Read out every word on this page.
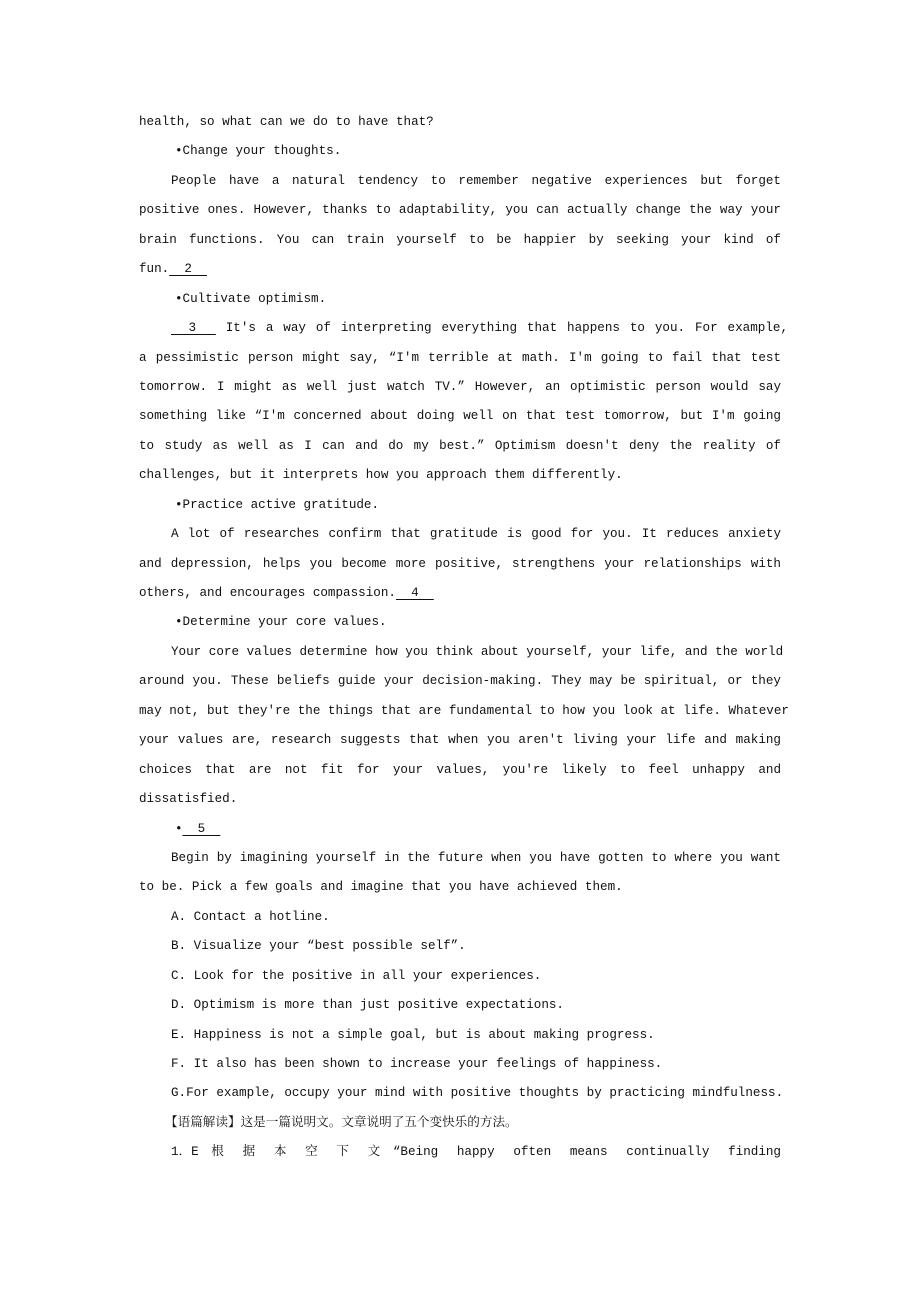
health, so what can we do to have that?
•Change your thoughts.
People have a natural tendency to remember negative experiences but forget
positive ones. However, thanks to adaptability, you can actually change the way your
brain functions. You can train yourself to be happier by seeking your kind of
fun.  2
•Cultivate optimism.
3   It's a way of interpreting everything that happens to you. For example,
a pessimistic person might say, “I'm terrible at math. I'm going to fail that test
tomorrow. I might as well just watch TV.” However, an optimistic person would say
something like “I'm concerned about doing well on that test tomorrow, but I'm going
to study as well as I can and do my best.” Optimism doesn't deny the reality of
challenges, but it interprets how you approach them differently.
•Practice active gratitude.
A lot of researches confirm that gratitude is good for you. It reduces anxiety
and depression, helps you become more positive, strengthens your relationships with
others, and encourages compassion.  4
•Determine your core values.
Your core values determine how you think about yourself, your life, and the world
around you. These beliefs guide your decision-making. They may be spiritual, or they
may not, but they're the things that are fundamental to how you look at life. Whatever
your values are, research suggests that when you aren't living your life and making
choices that are not fit for your values, you're likely to feel unhappy and
dissatisfied.
•  5
Begin by imagining yourself in the future when you have gotten to where you want
to be. Pick a few goals and imagine that you have achieved them.
A. Contact a hotline.
B. Visualize your “best possible self”.
C. Look for the positive in all your experiences.
D. Optimism is more than just positive expectations.
E. Happiness is not a simple goal, but is about making progress.
F. It also has been shown to increase your feelings of happiness.
G.For example, occupy your mind with positive thoughts by practicing mindfulness.
【语篇解读】这是一篇说明文。文章说明了五个变快乐的方法。
1．E　根 据 本 空 下 文　“Being happy often means continually finding
